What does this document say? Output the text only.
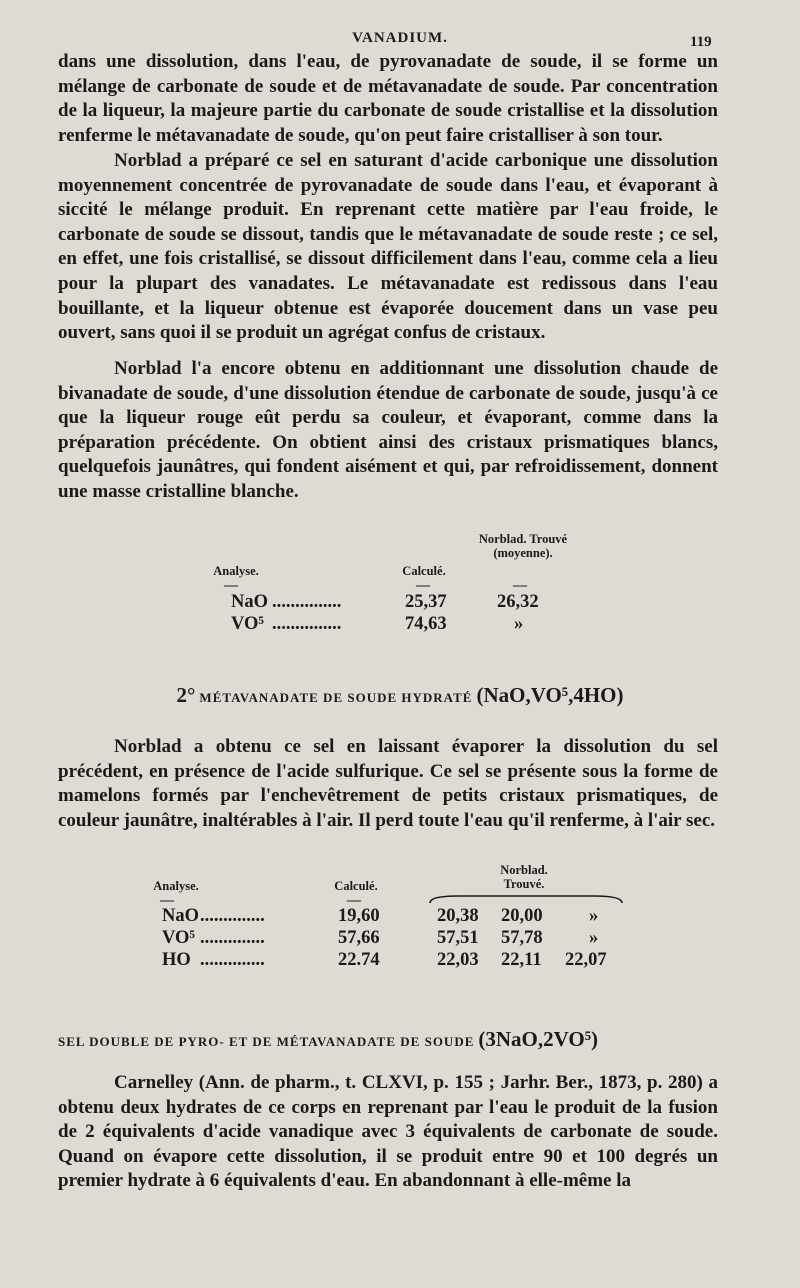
VANADIUM.	119

dans une dissolution, dans l'eau, de pyrovanadate de soude, il se forme un mélange de carbonate de soude et de métavanadate de soude. Par concentration de la liqueur, la majeure partie du carbonate de soude cristallise et la dissolution renferme le métavanadate de soude, qu'on peut faire cristalliser à son tour.

Norblad a préparé ce sel en saturant d'acide carbonique une dissolution moyennement concentrée de pyrovanadate de soude dans l'eau, et évaporant à siccité le mélange produit. En reprenant cette matière par l'eau froide, le carbonate de soude se dissout, tandis que le métavanadate de soude reste ; ce sel, en effet, une fois cristallisé, se dissout difficilement dans l'eau, comme cela a lieu pour la plupart des vanadates. Le métavanadate est redissous dans l'eau bouillante, et la liqueur obtenue est évaporée doucement dans un vase peu ouvert, sans quoi il se produit un agrégat confus de cristaux.

Norblad l'a encore obtenu en additionnant une dissolution chaude de bivanadate de soude, d'une dissolution étendue de carbonate de soude, jusqu'à ce que la liqueur rouge eût perdu sa couleur, et évaporant, comme dans la préparation précédente. On obtient ainsi des cristaux prismatiques blancs, quelquefois jaunâtres, qui fondent aisément et qui, par refroidissement, donnent une masse cristalline blanche.

Analyse.	Calculé.
Norblad. Trouvé (moyenne).
—	—	—
NaO ...............	25,37	26,32
VO⁵ ...............	74,63	»
2° MÉTAVANADATE DE SOUDE HYDRATÉ (NaO,VO⁵,4HO)

Norblad a obtenu ce sel en laissant évaporer la dissolution du sel précédent, en présence de l'acide sulfurique. Ce sel se présente sous la forme de mamelons formés par l'enchevêtrement de petits cristaux prismatiques, de couleur jaunâtre, inaltérables à l'air. Il perd toute l'eau qu'il renferme, à l'air sec.

Analyse.	Calculé.
Norblad. Trouvé.
—	—
NaO ..............	19,60	20,38 20,00	»
VO⁵ ..............	57,66	57,51 57,78	»
HO ..............	22.74	22,03 22,11 22,07
SEL DOUBLE DE PYRO- ET DE MÉTAVANADATE DE SOUDE (3NaO,2VO⁵)

Carnelley (Ann. de pharm., t. CLXVI, p. 155 ; Jarhr. Ber., 1873, p. 280) a obtenu deux hydrates de ce corps en reprenant par l'eau le produit de la fusion de 2 équivalents d'acide vanadique avec 3 équivalents de carbonate de soude. Quand on évapore cette dissolution, il se produit entre 90 et 100 degrés un premier hydrate à 6 équivalents d'eau. En abandonnant à elle-même la
